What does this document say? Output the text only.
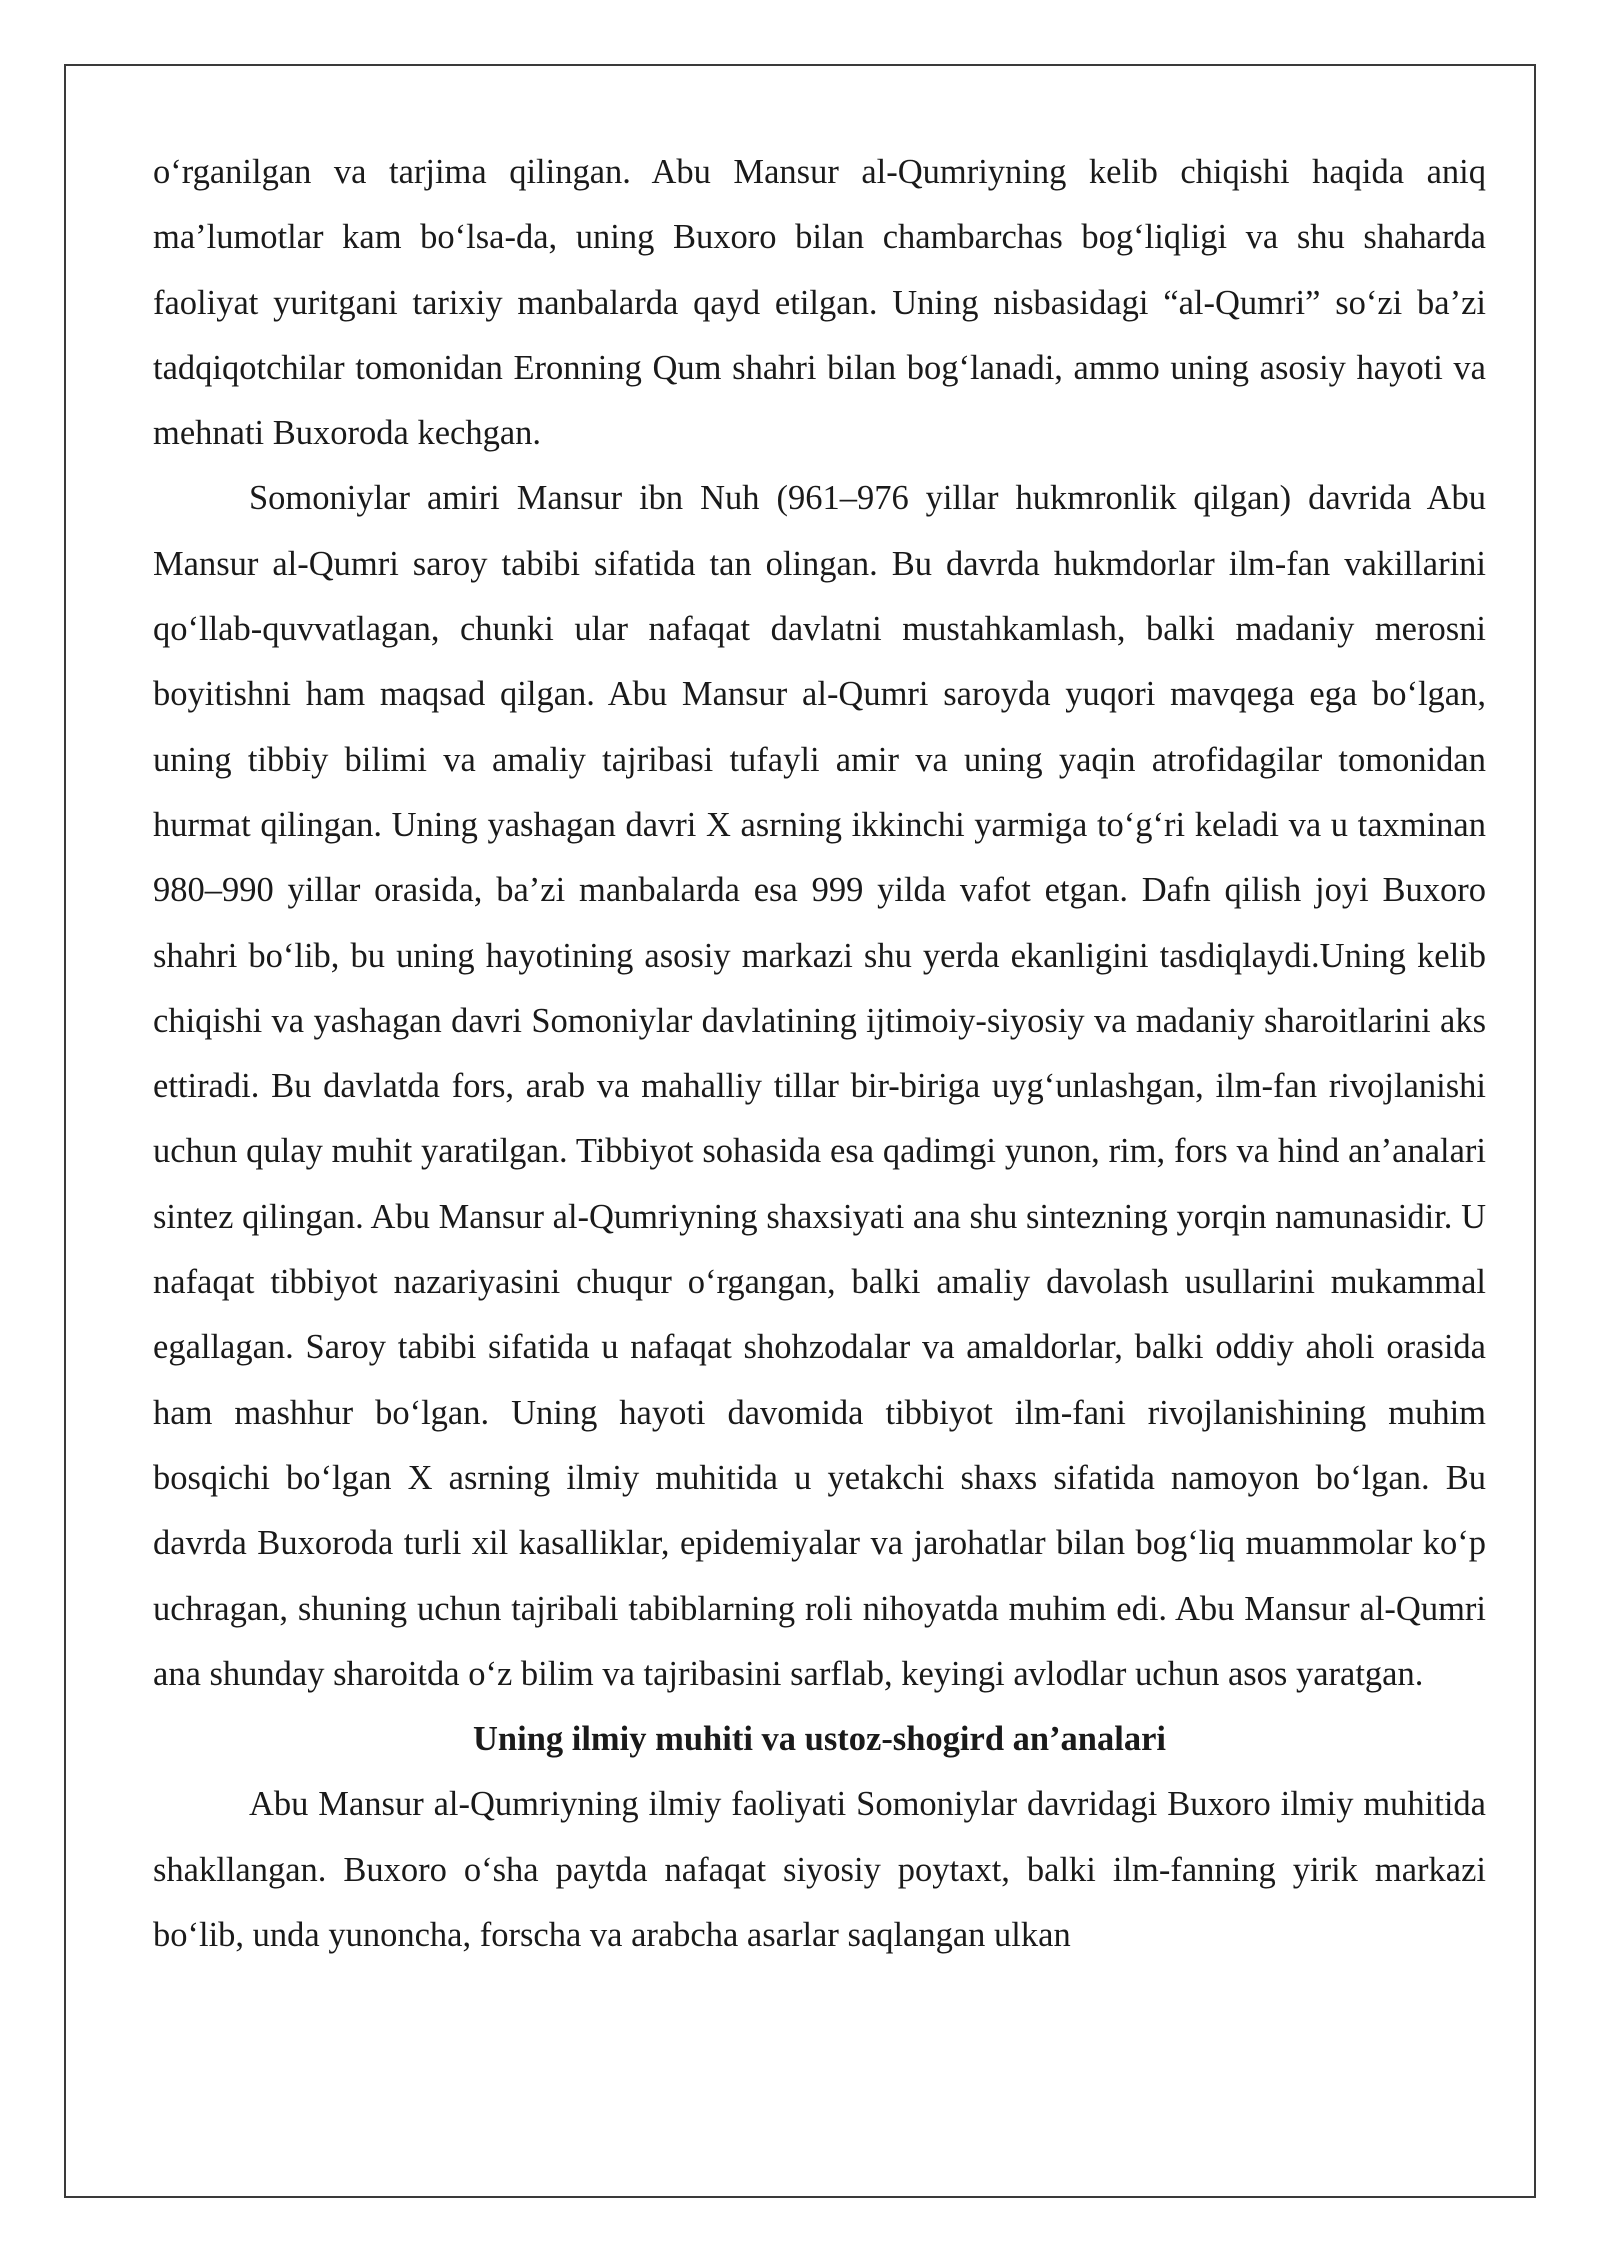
o‘rganilgan va tarjima qilingan. Abu Mansur al-Qumriyning kelib chiqishi haqida aniq ma’lumotlar kam bo‘lsa-da, uning Buxoro bilan chambarchas bog‘liqligi va shu shaharda faoliyat yuritgani tarixiy manbalarda qayd etilgan. Uning nisbasidagi “al-Qumri” so‘zi ba’zi tadqiqotchilar tomonidan Eronning Qum shahri bilan bog‘lanadi, ammo uning asosiy hayoti va mehnati Buxoroda kechgan.

Somoniylar amiri Mansur ibn Nuh (961–976 yillar hukmronlik qilgan) davrida Abu Mansur al-Qumri saroy tabibi sifatida tan olingan. Bu davrda hukmdorlar ilm-fan vakillarini qo‘llab-quvvatlagan, chunki ular nafaqat davlatni mustahkamlash, balki madaniy merosni boyitishni ham maqsad qilgan. Abu Mansur al-Qumri saroyda yuqori mavqega ega bo‘lgan, uning tibbiy bilimi va amaliy tajribasi tufayli amir va uning yaqin atrofidagilar tomonidan hurmat qilingan. Uning yashagan davri X asrning ikkinchi yarmiga to‘g‘ri keladi va u taxminan 980–990 yillar orasida, ba’zi manbalarda esa 999 yilda vafot etgan. Dafn qilish joyi Buxoro shahri bo‘lib, bu uning hayotining asosiy markazi shu yerda ekanligini tasdiqlaydi.Uning kelib chiqishi va yashagan davri Somoniylar davlatining ijtimoiy-siyosiy va madaniy sharoitlarini aks ettiradi. Bu davlatda fors, arab va mahalliy tillar bir-biriga uyg‘unlashgan, ilm-fan rivojlanishi uchun qulay muhit yaratilgan. Tibbiyot sohasida esa qadimgi yunon, rim, fors va hind an’analari sintez qilingan. Abu Mansur al-Qumriyning shaxsiyati ana shu sintezning yorqin namunasidir. U nafaqat tibbiyot nazariyasini chuqur o‘rgangan, balki amaliy davolash usullarini mukammal egallagan. Saroy tabibi sifatida u nafaqat shohzodalar va amaldorlar, balki oddiy aholi orasida ham mashhur bo‘lgan. Uning hayoti davomida tibbiyot ilm-fani rivojlanishining muhim bosqichi bo‘lgan X asrning ilmiy muhitida u yetakchi shaxs sifatida namoyon bo‘lgan. Bu davrda Buxoroda turli xil kasalliklar, epidemiyalar va jarohatlar bilan bog‘liq muammolar ko‘p uchragan, shuning uchun tajribali tabiblarning roli nihoyatda muhim edi. Abu Mansur al-Qumri ana shunday sharoitda o‘z bilim va tajribasini sarflab, keyingi avlodlar uchun asos yaratgan.

Uning ilmiy muhiti va ustoz-shogird an’analari

Abu Mansur al-Qumriyning ilmiy faoliyati Somoniylar davridagi Buxoro ilmiy muhitida shakllangan. Buxoro o‘sha paytda nafaqat siyosiy poytaxt, balki ilm-fanning yirik markazi bo‘lib, unda yunoncha, forscha va arabcha asarlar saqlangan ulkan
